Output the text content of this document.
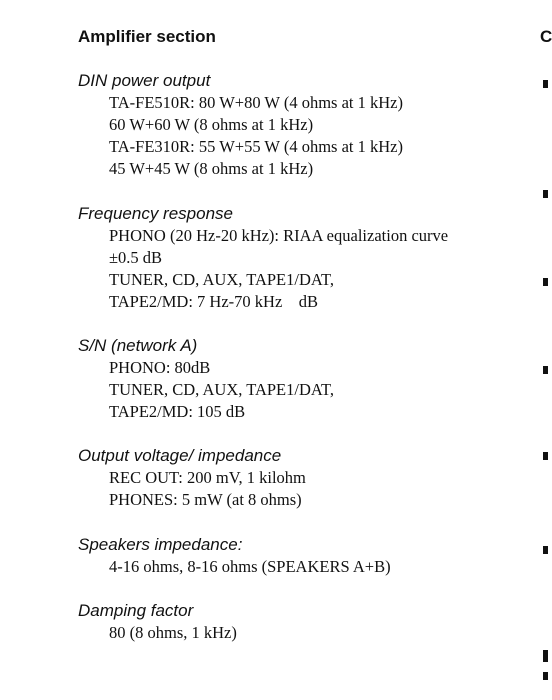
Amplifier section

DIN power output

TA-FE510R: 80 W+80 W (4 ohms at 1 kHz)

60 W+60 W (8 ohms at 1 kHz)

TA-FE310R: 55 W+55 W (4 ohms at 1 kHz)

45 W+45 W (8 ohms at 1 kHz)

Frequency response

PHONO (20 Hz-20 kHz): RIAA equalization curve

±0.5 dB

TUNER, CD, AUX, TAPE1/DAT,

TAPE2/MD: 7 Hz-70 kHz    dB

S/N (network A)

PHONO: 80dB

TUNER, CD, AUX, TAPE1/DAT,

TAPE2/MD: 105 dB

Output voltage/ impedance

REC OUT: 200 mV, 1 kilohm

PHONES: 5 mW (at 8 ohms)

Speakers impedance:

4-16 ohms, 8-16 ohms (SPEAKERS A+B)

Damping factor

80 (8 ohms, 1 kHz)

C
